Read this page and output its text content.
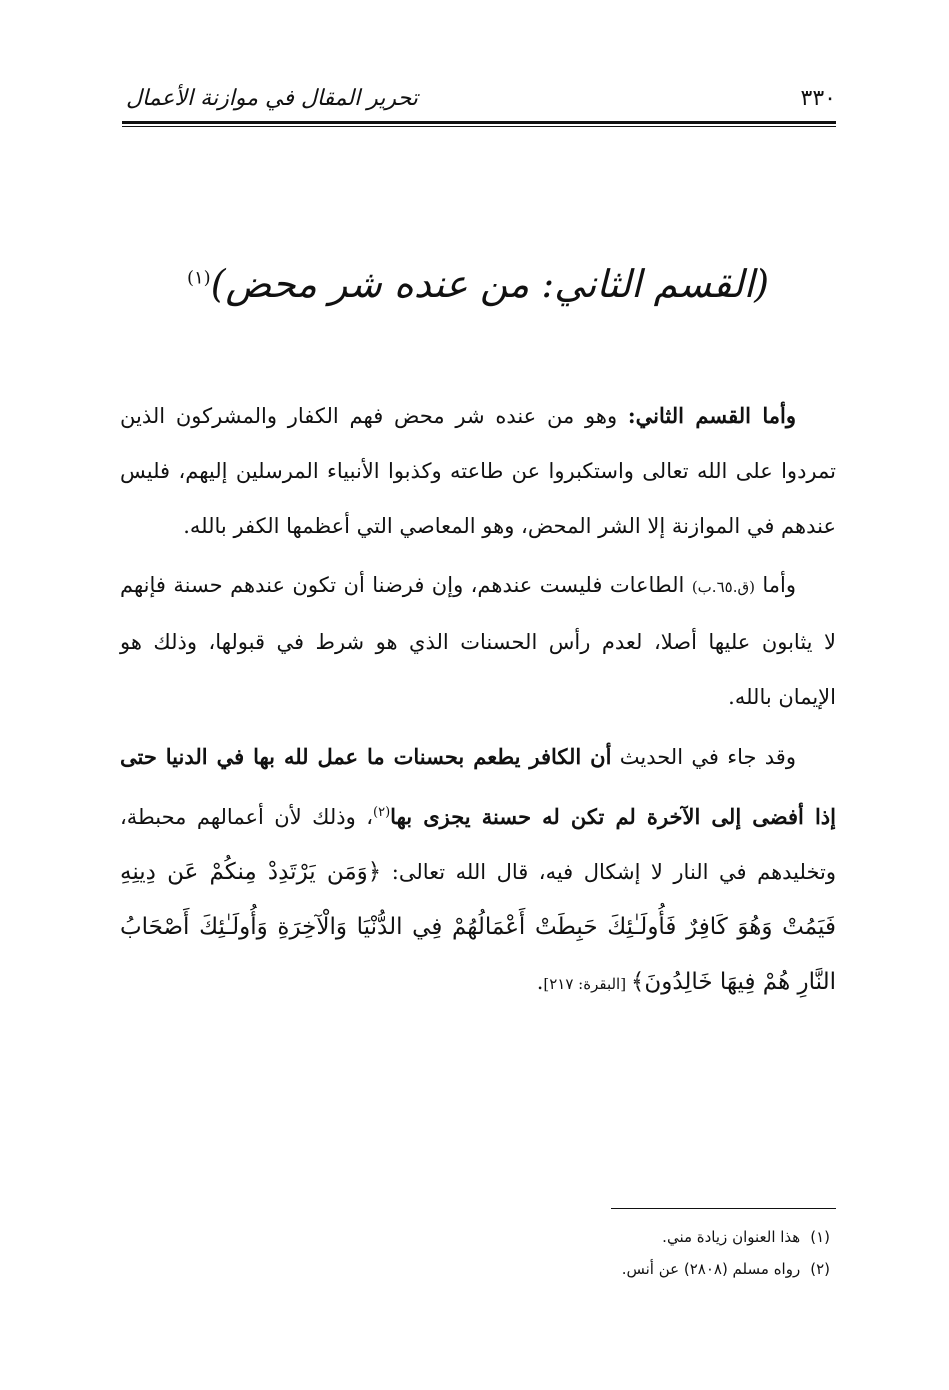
٣٣٠
تحرير المقال في موازنة الأعمال
(القسم الثاني: من عنده شر محض)$^{(١)}$

وأما القسم الثاني: وهو من عنده شر محض فهم الكفار والمشركون الذين تمردوا على الله تعالى واستكبروا عن طاعته وكذبوا الأنبياء المرسلين إليهم، فليس عندهم في الموازنة إلا الشر المحض، وهو المعاصي التي أعظمها الكفر بالله.

وأما (ق.٦٥.ب) الطاعات فليست عندهم، وإن فرضنا أن تكون عندهم حسنة فإنهم لا يثابون عليها أصلا، لعدم رأس الحسنات الذي هو شرط في قبولها، وذلك هو الإيمان بالله.

وقد جاء في الحديث أن الكافر يطعم بحسنات ما عمل لله بها في الدنيا حتى إذا أفضى إلى الآخرة لم تكن له حسنة يجزى بها$^{(٢)}$، وذلك لأن أعمالهم محبطة، وتخليدهم في النار لا إشكال فيه، قال الله تعالى: ﴿وَمَن يَرْتَدِدْ مِنكُمْ عَن دِينِهِ فَيَمُتْ وَهُوَ كَافِرٌ فَأُولَـٰئِكَ حَبِطَتْ أَعْمَالُهُمْ فِي الدُّنْيَا وَالْآخِرَةِ وَأُولَـٰئِكَ أَصْحَابُ النَّارِ هُمْ فِيهَا خَالِدُونَ﴾ [البقرة: ٢١٧].

(١)هذا العنوان زيادة مني.
(٢)رواه مسلم (٢٨٠٨) عن أنس.
